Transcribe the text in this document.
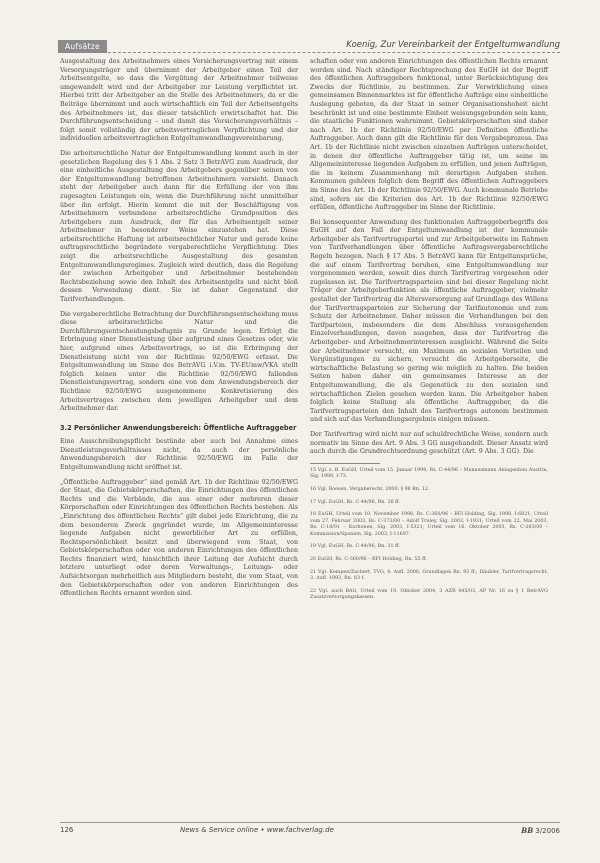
Aufsätze	Koenig, Zur Vereinbarkeit der Entgeltumwandlung

Ausgestaltung des Arbeitnehmers eines Versicherungsvertrag mit einem Versorgungsträger und übernimmt der Arbeitgeber einen Teil der Arbeitsentgelte, so dass die Vergütung der Arbeitnehmer teilweise umgewandelt wird und der Arbeitgeber zur Leistung verpflichtet ist. Hierbei tritt der Arbeitgeber an die Stelle des Arbeitnehmers, da er die Beiträge übernimmt und auch wirtschaftlich ein Teil der Arbeitsentgelts des Arbeitnehmers ist, das dieser tatsächlich erwirtschaftet hat. Die Durchführungsentscheidung – und damit das Versicherungsverhältnis – folgt somit vollständig der arbeitsvertraglichen Verpflichtung und der individuellen arbeitsvertraglichen Entgeltumwandlungsvereinbarung.

Die arbeitsrechtliche Natur der Entgeltumwandlung kommt auch in der gesetzlichen Regelung des § 1 Abs. 2 Satz 3 BetrAVG zum Ausdruck, der eine einheitliche Ausgestaltung des Arbeitgebers gegenüber seinen von der Entgeltumwandlung betroffenen Arbeitnehmern vorsieht. Danach steht der Arbeitgeber auch dann für die Erfüllung der von ihm zugesagten Leistungen ein, wenn die Durchführung nicht unmittelbar über ihn erfolgt. Hierin kommt die mit der Beschäftigung von Arbeitnehmern verbundene arbeitsrechtliche Grundposition des Arbeitgebers zum Ausdruck, der für das Arbeitsentgelt seiner Arbeitnehmer in besonderer Weise einzustehen hat. Diese arbeitsrechtliche Haftung ist arbeitsrechtlicher Natur und gerade keine auftragsrechtliche begründete vergaberechtliche Verpflichtung. Dies zeigt die arbeitsrechtliche Ausgestaltung des gesamten Entgeltumwandlungsregimes. Zugleich wird deutlich, dass die Regelung der zwischen Arbeitgeber und Arbeitnehmer bestehenden Rechtsbeziehung sowie den Inhalt des Arbeitsentgelts und nicht bloß dessen Verwendung dient. Sie ist daher Gegenstand der Tarifverhandlungen.

Die vergaberechtliche Betrachtung der Durchführungsentscheidung muss diese arbeitsrechtliche Natur und die Durchführungsentscheidungsbefugnis zu Grunde legen. Erfolgt die Erbringung einer Dienstleistung über aufgrund eines Gesetzes oder, wie hier, aufgrund eines Arbeitsvertrags, so ist die Erbringung der Dienstleistung nicht von der Richtlinie 92/50/EWG erfasst. Die Entgeltumwandlung im Sinne des BetrAVG i.V.m. TV-EUmw/VKA stellt folglich keinen unter die Richtlinie 92/50/EWG fallenden Dienstleistungsvertrag, sondern eine von dem Anwendungsbereich der Richtlinie 92/50/EWG ausgenommene Konkretisierung des Arbeitsvertrages zwischen dem jeweiligen Arbeitgeber und dem Arbeitnehmer dar.

3.2 Persönlicher Anwendungsbereich: Öffentliche Auftraggeber

Eine Ausschreibungspflicht bestünde aber auch bei Annahme eines Dienstleistungsverhältnisses nicht, da auch der persönliche Anwendungsbereich der Richtlinie 92/50/EWG im Falle der Entgeltumwandlung nicht eröffnet ist.

„Öffentliche Auftraggeber“ sind gemäß Art. 1b der Richtlinie 92/50/EWG der Staat, die Gebietskörperschaften, die Einrichtungen des öffentlichen Rechts und die Verbände, die aus einer oder mehreren dieser Körperschaften oder Einrichtungen des öffentlichen Rechts bestehen. Als „Einrichtung des öffentlichen Rechts“ gilt dabei jede Einrichtung, die zu dem besonderen Zweck gegründet wurde, im Allgemeininteresse liegende Aufgaben nicht gewerblicher Art zu erfüllen, Rechtspersönlichkeit besitzt und überwiegend vom Staat, von Gebietskörperschaften oder von anderen Einrichtungen des öffentlichen Rechts finanziert wird, hinsichtlich ihrer Leitung der Aufsicht durch letztere unterliegt oder deren Verwaltungs-, Leitungs- oder Aufsichtsorgan mehrheitlich aus Mitgliedern besteht, die vom Staat, von den Gebietskörperschaften oder von anderen Einrichtungen des öffentlichen Rechts ernannt worden sind.

schaften oder von anderen Einrichtungen des öffentlichen Rechts ernannt worden sind. Nach ständiger Rechtsprechung des EuGH ist der Begriff des öffentlichen Auftraggebers funktional, unter Berücksichtigung des Zwecks der Richtlinie, zu bestimmen. Zur Verwirklichung eines gemeinsamen Binnenmarktes ist für öffentliche Aufträge eine einheitliche Auslegung geboten, da der Staat in seiner Organisationshoheit nicht beschränkt ist und eine bestimmte Einheit weisungsgebunden sein kann, die staatliche Funktionen wahrnimmt. Gebietskörperschaften sind daher nach Art. 1b der Richtlinie 92/50/EWG per Definition öffentliche Auftraggeber. Auch dann gilt die Richtlinie für den Vergabeprozess. Das Art. 1b der Richtlinie nicht zwischen einzelnen Aufträgen unterscheidet, in denen der öffentliche Auftraggeber tätig ist, um seine im Allgemeininteresse liegenden Aufgaben zu erfüllen, und jenen Aufträgen, die in keinem Zusammenhang mit derartigen Aufgaben stehen. Kommunen gehören folglich dem Begriff des öffentlichen Auftraggebers im Sinne des Art. 1b der Richtlinie 92/50/EWG. Auch kommunale Betriebe sind, sofern sie die Kriterien des Art. 1b der Richtlinie 92/50/EWG erfüllen, öffentliche Auftraggeber im Sinne der Richtlinie.

Bei konsequenter Anwendung des funktionalen Auftraggeberbegriffs des EuGH auf den Fall der Entgeltumwandlung ist der kommunale Arbeitgeber als Tarifvertragspartei und zur Arbeitgeberseite im Rahmen von Tarifverhandlungen über öffentliche Auftragsvergaberechtliche Regeln bezogen. Nach § 17 Abs. 5 BetrAVG kann für Entgeltansprüche, die auf einem Tarifvertrag beruhen, eine Entgeltumwandlung nur vorgenommen werden, soweit dies durch Tarifvertrag vorgesehen oder zugelassen ist. Die Tarifvertragsparteien sind bei dieser Regelung nicht Träger der Arbeitgeberfunktion als öffentliche Auftraggeber, vielmehr gestaltet der Tarifvertrag die Altersversorgung auf Grundlage des Willens der Tarifvertragsparteien zur Sicherung der Tarifautonomie und zum Schutz der Arbeitnehmer. Daher müssen die Verhandlungen bei den Tarifparteien, insbesondere die dem Abschluss vorausgehenden Einzelverhandlungen, davon ausgehen, dass der Tarifvertrag die Arbeitgeber- und Arbeitnehmerinteressen ausgleicht. Während die Seite der Arbeitnehmer versucht, ein Maximum an sozialen Vorteilen und Vergünstigungen zu sichern, versucht die Arbeitgeberseite, die wirtschaftliche Belastung so gering wie möglich zu halten. Die beiden Seiten haben daher ein gemeinsames Interesse an der Entgeltumwandlung, die als Gegenstück zu den sozialen und wirtschaftlichen Zielen gesehen werden kann. Die Arbeitgeber haben folglich keine Stellung als öffentliche Auftraggeber, da die Tarifvertragsparteien den Inhalt des Tarifvertrags autonom bestimmen und sich auf das Verhandlungsergebnis einigen müssen.

Der Tarifvertrag wird nicht nur auf schuldrechtliche Weise, sondern auch normativ im Sinne des Art. 9 Abs. 3 GG ausgehandelt. Dieser Ansatz wird auch durch die Grundrechtsordnung geschützt (Art. 9 Abs. 3 GG). Die

15 Vgl. z. B. EuGH, Urteil vom 15. Januar 1998, Rs. C-44/96 – Mannesmann Anlagenbau Austria, Slg. 1998, I-73.

16 Vgl. Boesen, Vergaberecht, 2000, § 98 Rn. 12.

17 Vgl. EuGH, Rs. C-44/96, Rn. 26 ff.

18 EuGH, Urteil vom 10. November 1998, Rs. C-360/96 – BFI Holding, Slg. 1998, I-6821; Urteil vom 27. Februar 2003, Rs. C-373/00 – Adolf Truley, Slg. 2003, I-1931; Urteil vom 22. Mai 2003, Rs. C-18/01 – Korhonen, Slg. 2003, I-5321; Urteil vom 16. Oktober 2003, Rs. C-283/00 – Kommission/Spanien, Slg. 2003, I-11697.

19 Vgl. EuGH, Rs. C-44/96, Rn. 31 ff.

20 EuGH, Rs. C-360/96 – BFI Holding, Rn. 55 ff.

21 Vgl. Kempen/Zachert, TVG, 4. Aufl. 2006, Grundlagen Rn. 93 ff.; Däubler, Tarifvertragsrecht, 3. Aufl. 1993, Rn. 83 f.

22 Vgl. auch BAG, Urteil vom 19. Oktober 2004, 3 AZR 445/03, AP Nr. 16 zu § 1 BetrAVG Zusatzversorgungskassen.

126	News & Service online • www.fachverlag.de	BB 3/2006
